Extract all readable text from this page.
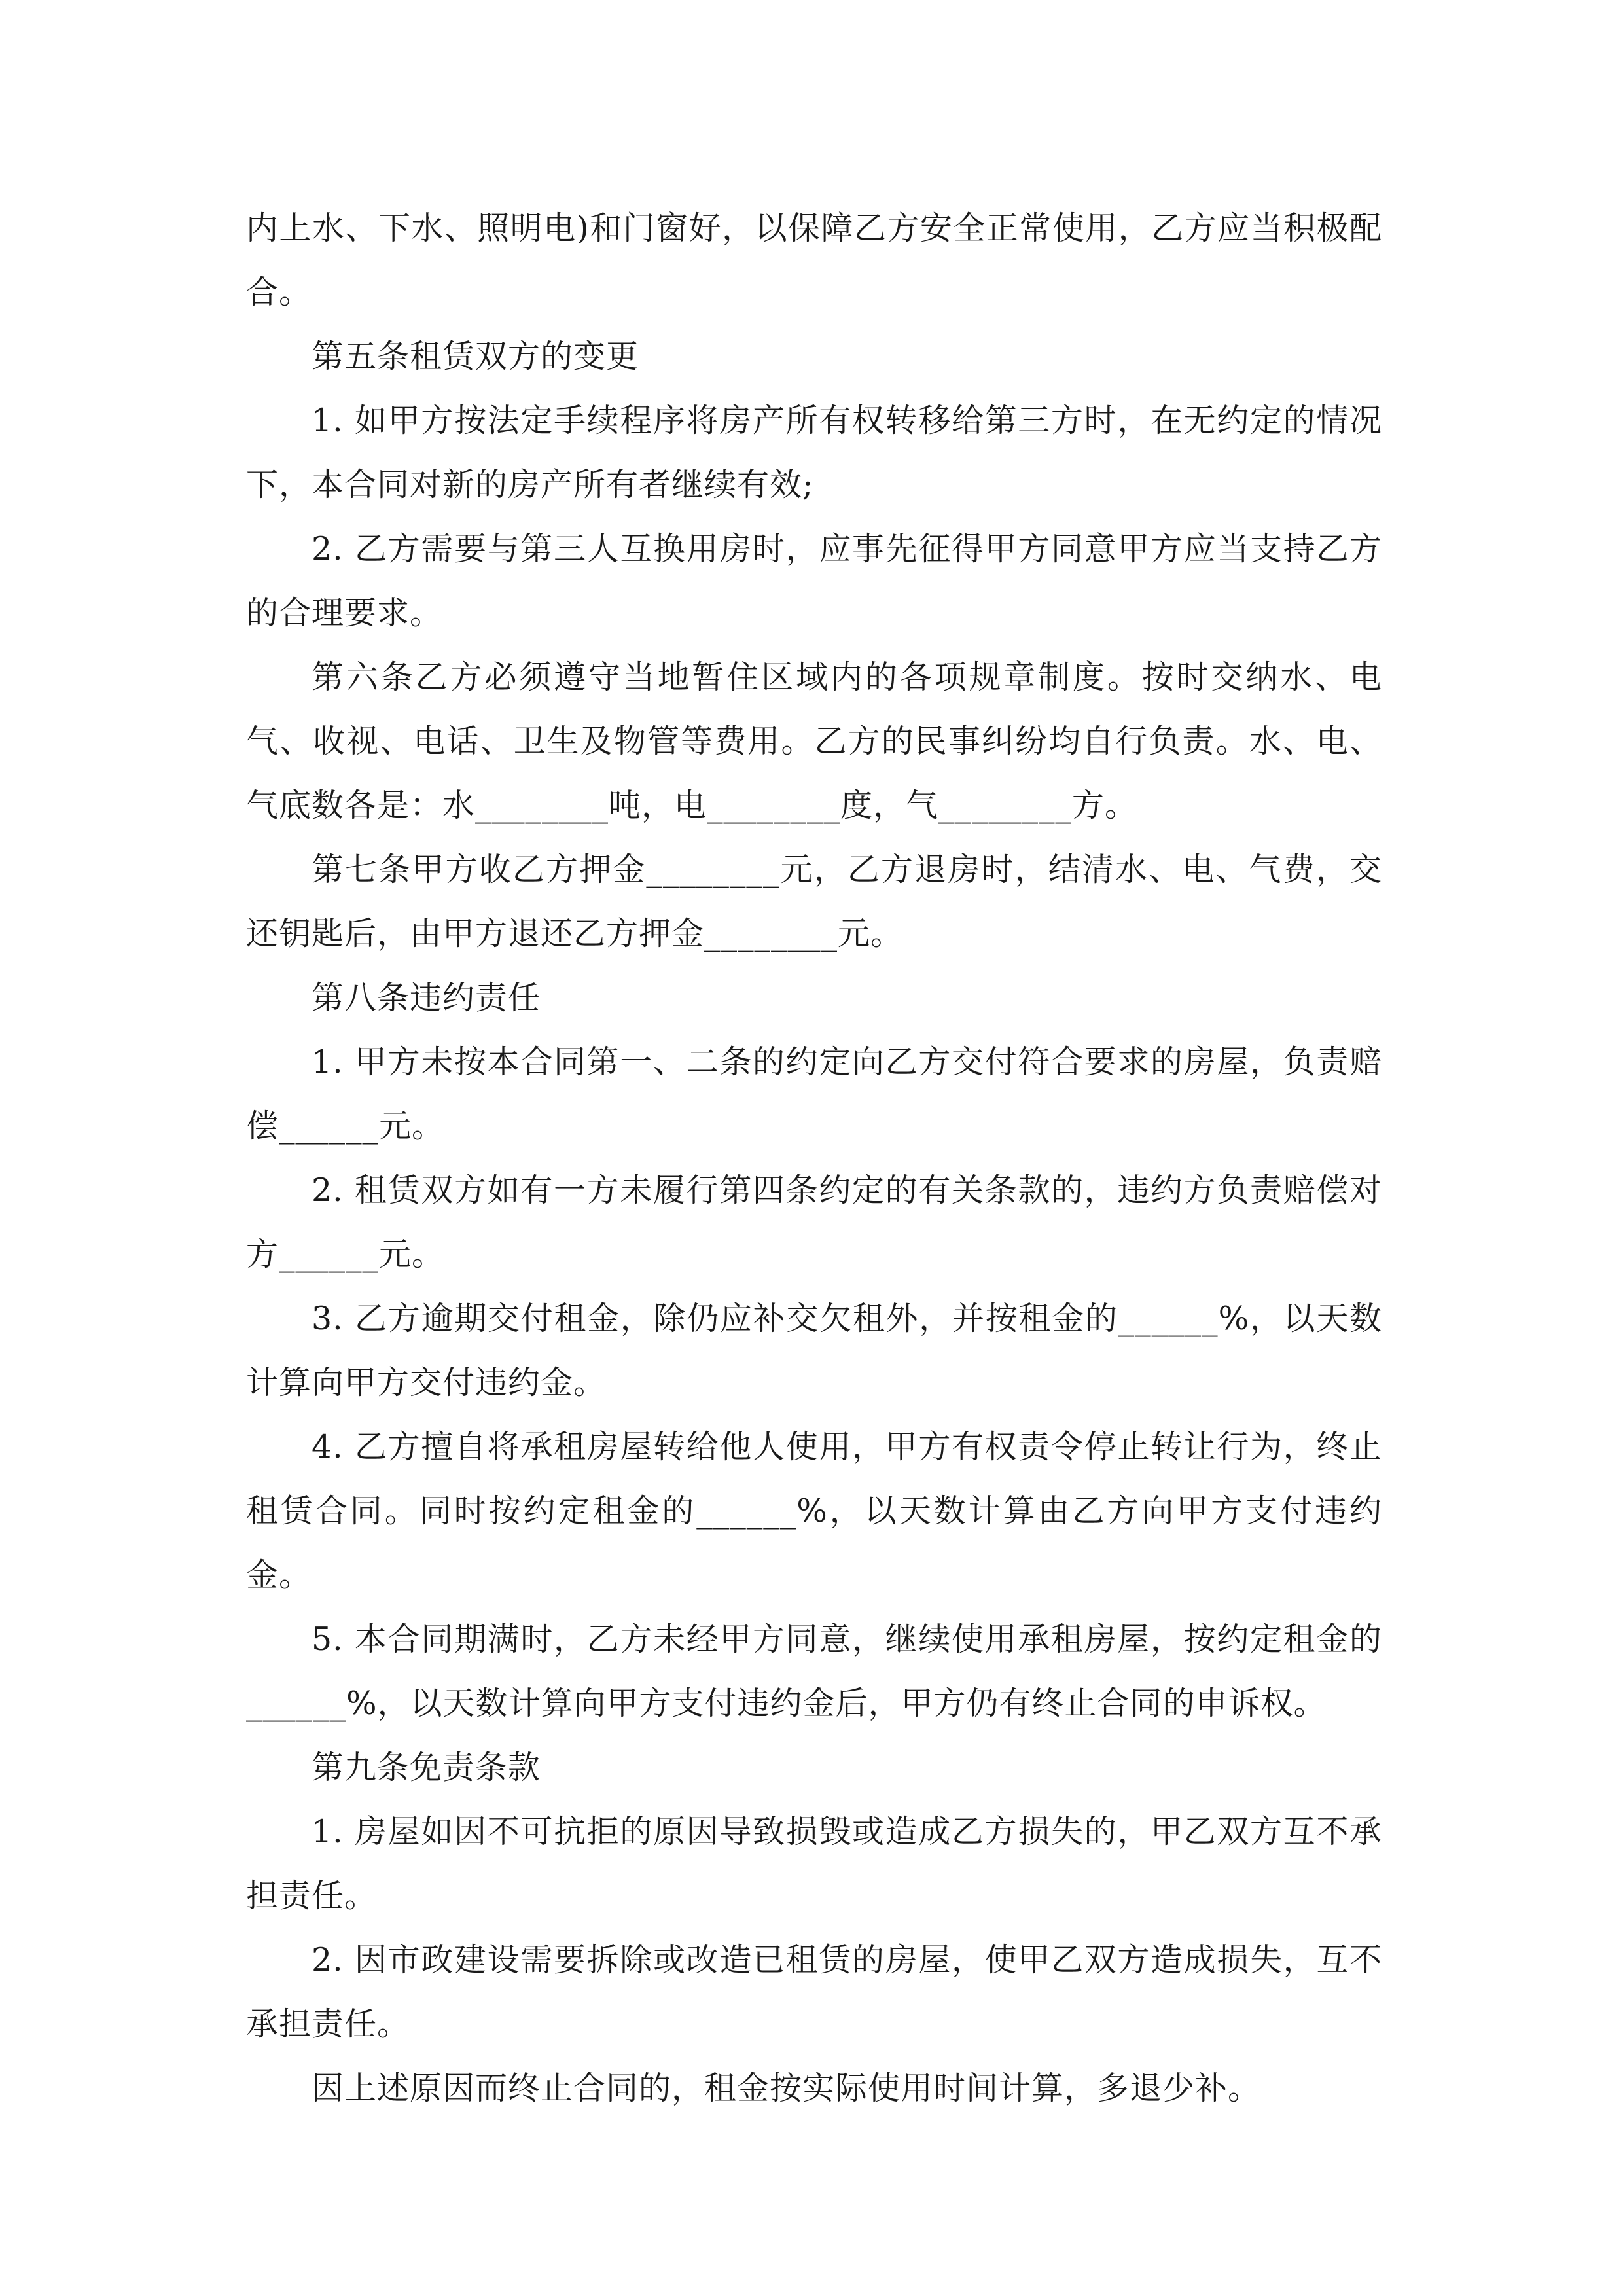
内上水、下水、照明电)和门窗好，以保障乙方安全正常使用，乙方应当积极配合。

第五条租赁双方的变更

1. 如甲方按法定手续程序将房产所有权转移给第三方时，在无约定的情况下，本合同对新的房产所有者继续有效;

2. 乙方需要与第三人互换用房时，应事先征得甲方同意甲方应当支持乙方的合理要求。

第六条乙方必须遵守当地暂住区域内的各项规章制度。按时交纳水、电气、收视、电话、卫生及物管等费用。乙方的民事纠纷均自行负责。水、电、气底数各是：水________吨，电________度，气________方。

第七条甲方收乙方押金________元，乙方退房时，结清水、电、气费，交还钥匙后，由甲方退还乙方押金________元。

第八条违约责任

1. 甲方未按本合同第一、二条的约定向乙方交付符合要求的房屋，负责赔偿______元。

2. 租赁双方如有一方未履行第四条约定的有关条款的，违约方负责赔偿对方______元。

3. 乙方逾期交付租金，除仍应补交欠租外，并按租金的______%，以天数计算向甲方交付违约金。

4. 乙方擅自将承租房屋转给他人使用，甲方有权责令停止转让行为，终止租赁合同。同时按约定租金的______%，以天数计算由乙方向甲方支付违约金。

5. 本合同期满时，乙方未经甲方同意，继续使用承租房屋，按约定租金的______%，以天数计算向甲方支付违约金后，甲方仍有终止合同的申诉权。

第九条免责条款

1. 房屋如因不可抗拒的原因导致损毁或造成乙方损失的，甲乙双方互不承担责任。

2. 因市政建设需要拆除或改造已租赁的房屋，使甲乙双方造成损失，互不承担责任。

因上述原因而终止合同的，租金按实际使用时间计算，多退少补。
